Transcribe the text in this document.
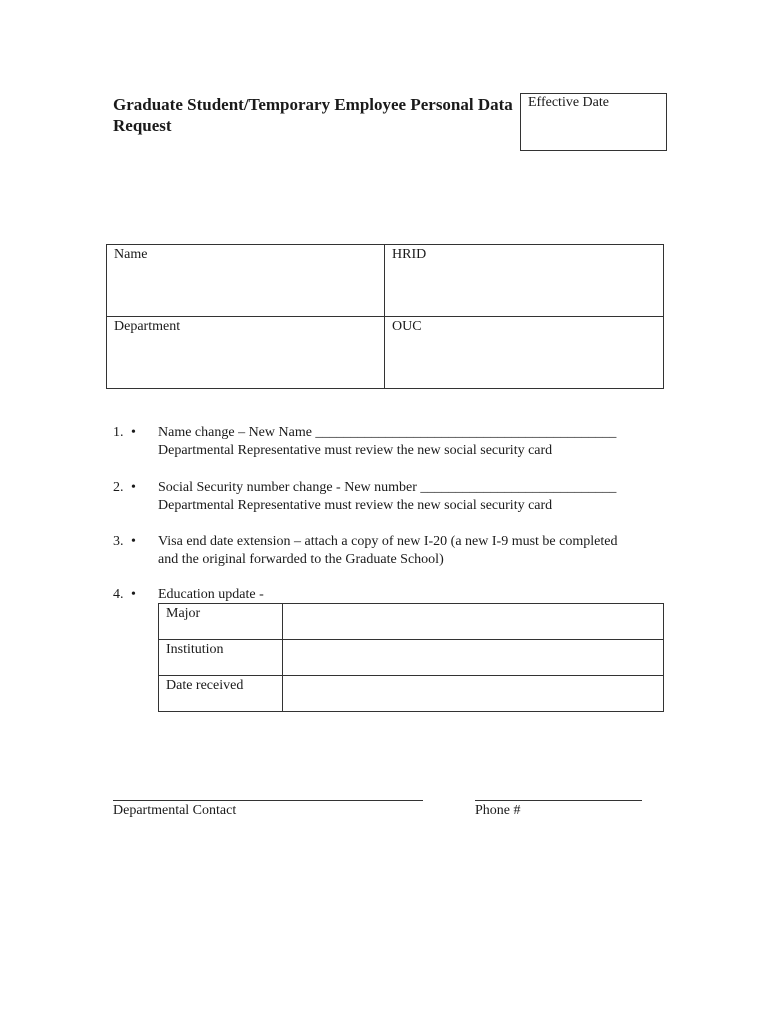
Graduate Student/Temporary Employee Personal Data Request
Effective Date
Name	HRID
Department	OUC
1. • Name change – New Name ___________________________________________
Departmental Representative must review the new social security card
2. • Social Security number change - New number ____________________________
Departmental Representative must review the new social security card
3. • Visa end date extension – attach a copy of new I-20 (a new I-9 must be completed
and the original forwarded to the Graduate School)
4. • Education update -
Major	
Institution	
Date received	
Departmental Contact	Phone #
